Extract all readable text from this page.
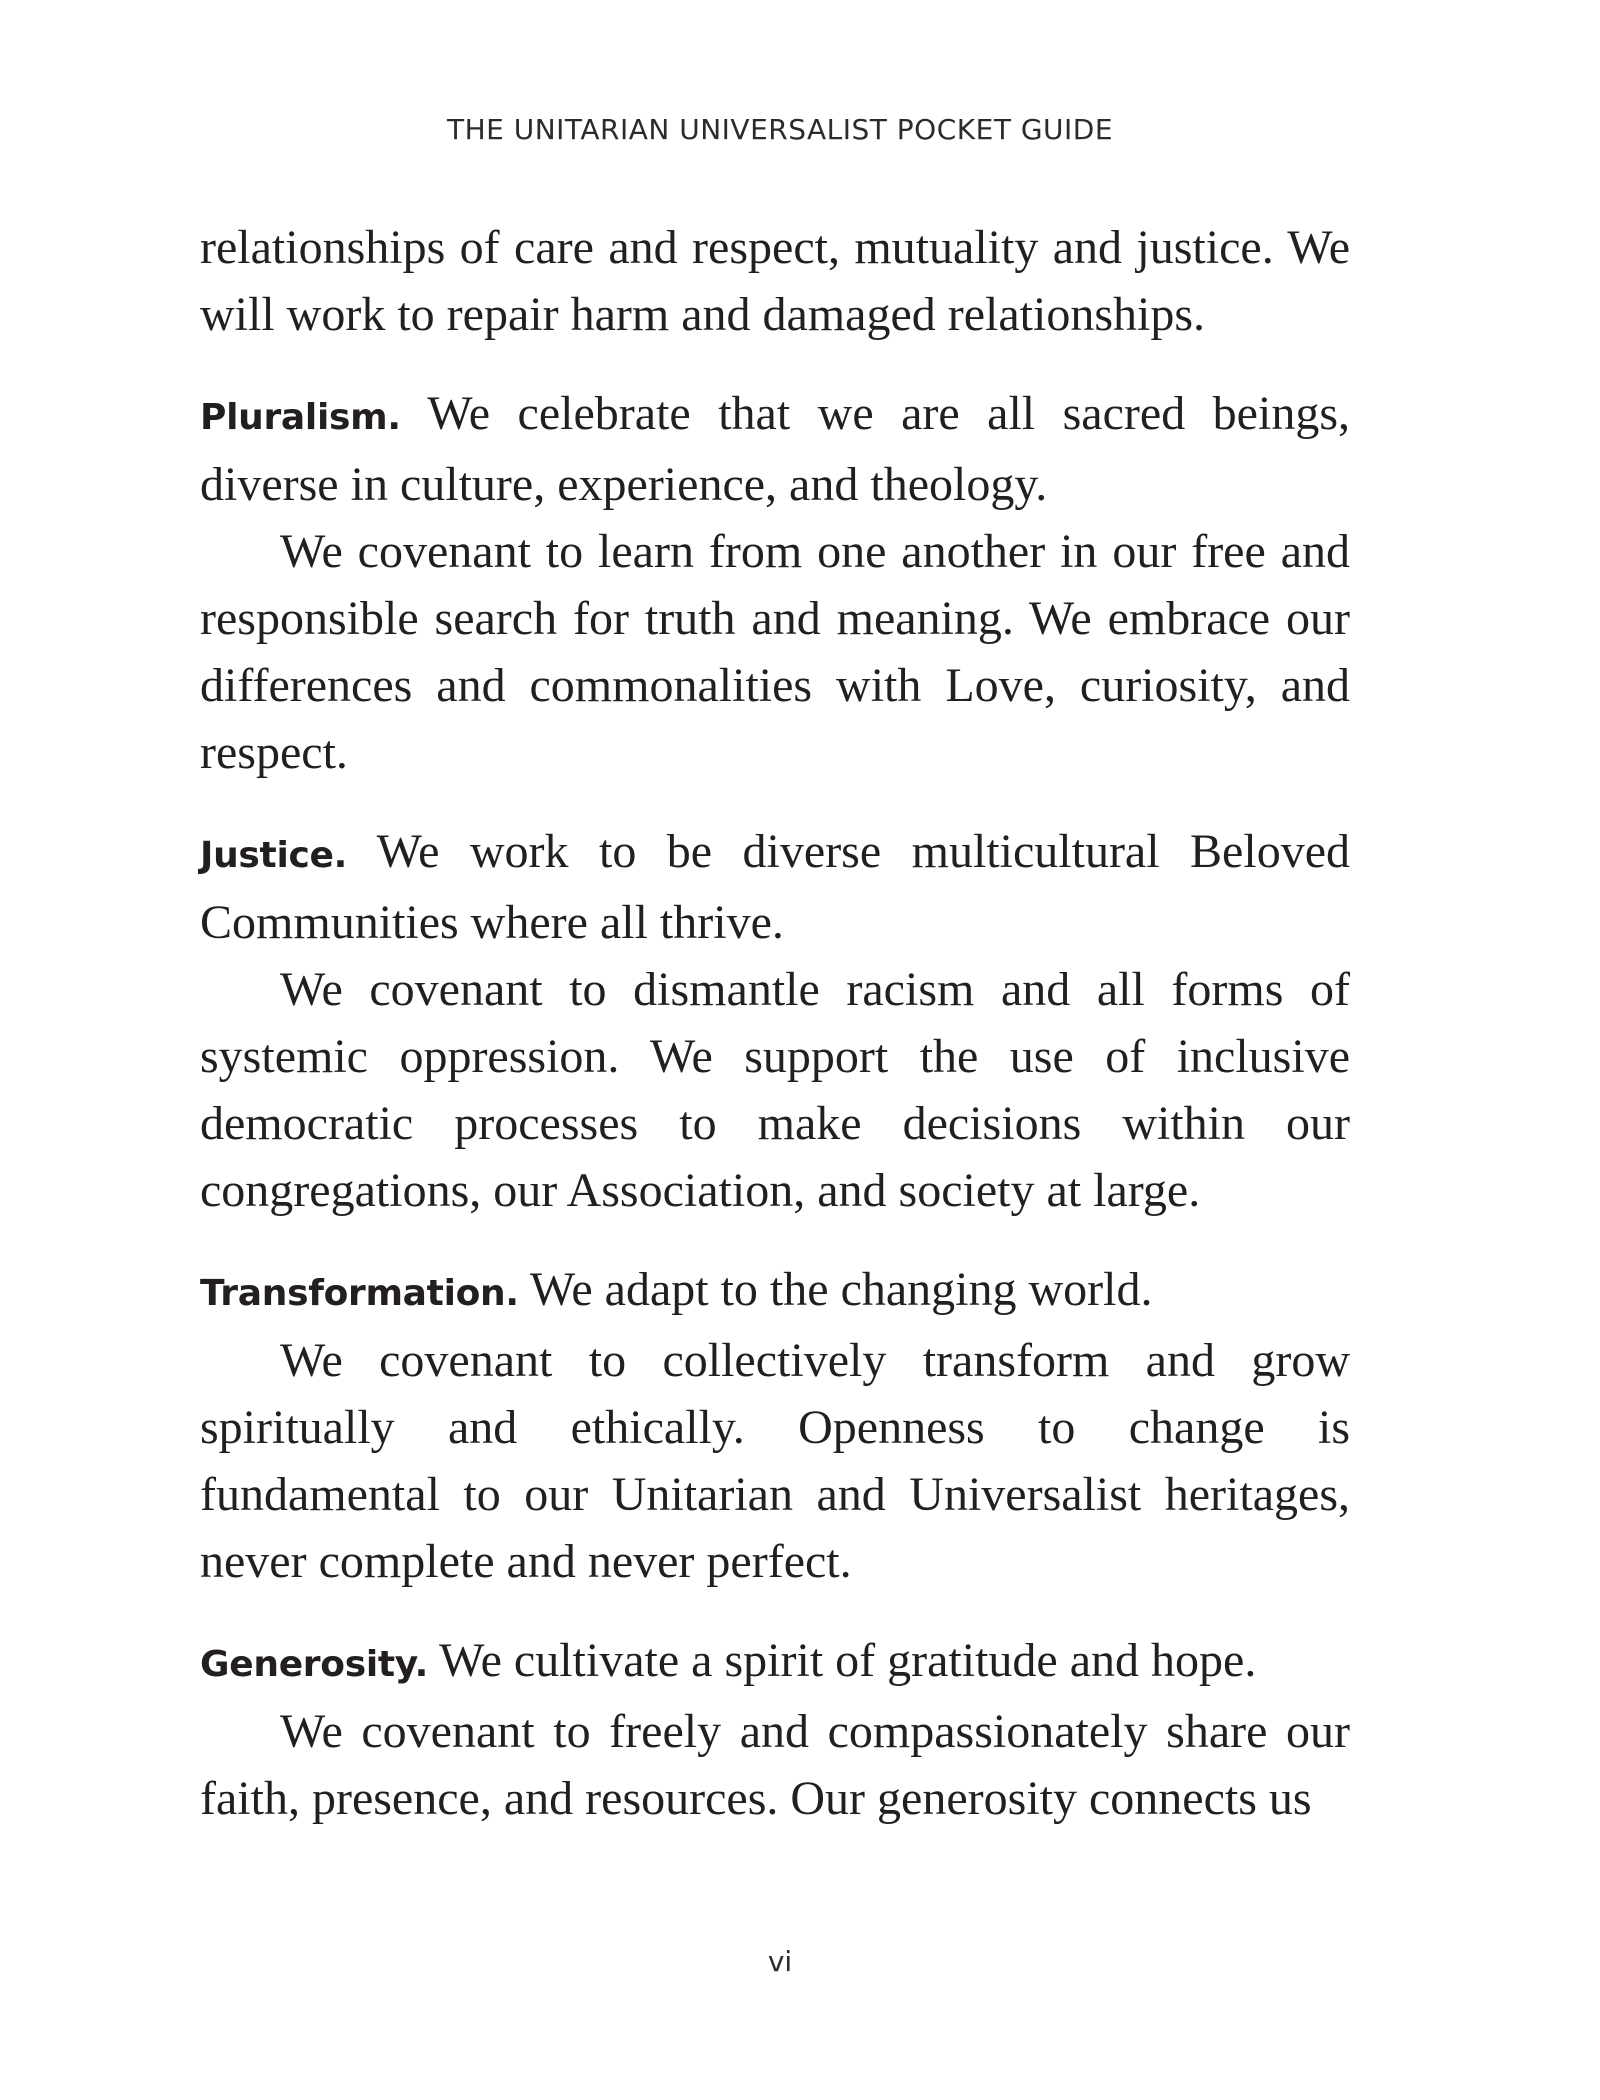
THE UNITARIAN UNIVERSALIST POCKET GUIDE

relationships of care and respect, mutuality and justice. We will work to repair harm and damaged relationships.

Pluralism. We celebrate that we are all sacred beings, diverse in culture, experience, and theology.

We covenant to learn from one another in our free and responsible search for truth and meaning. We embrace our differences and commonalities with Love, curiosity, and respect.

Justice. We work to be diverse multicultural Beloved Communities where all thrive.

We covenant to dismantle racism and all forms of systemic oppression. We support the use of inclusive democratic processes to make decisions within our congregations, our Association, and society at large.

Transformation. We adapt to the changing world.

We covenant to collectively transform and grow spiritually and ethically. Openness to change is fundamental to our Unitarian and Universalist heritages, never complete and never perfect.

Generosity. We cultivate a spirit of gratitude and hope.

We covenant to freely and compassionately share our faith, presence, and resources. Our generosity connects us

vi
